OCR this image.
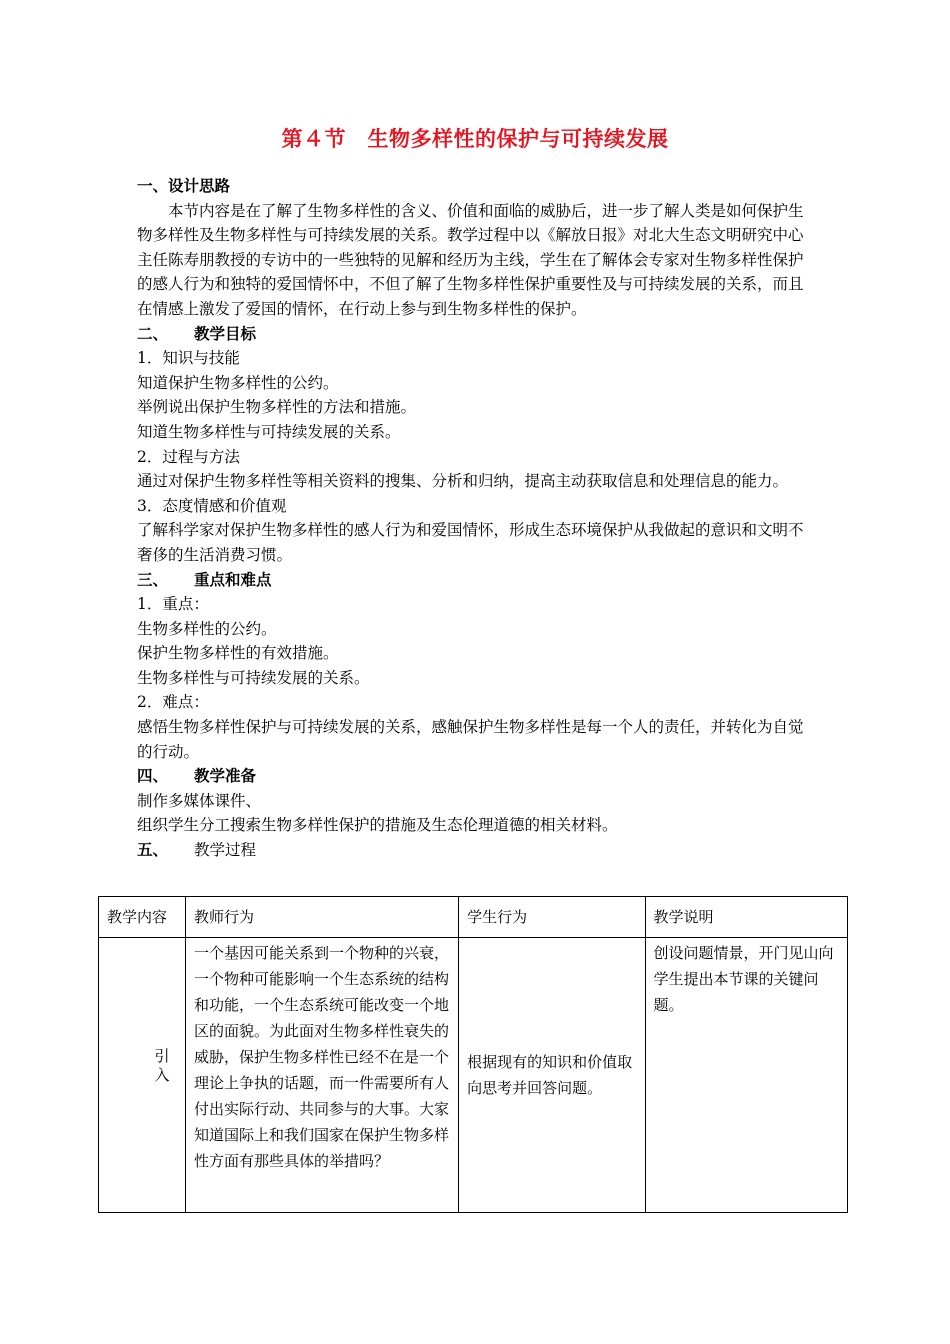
第４节　生物多样性的保护与可持续发展

一、设计思路

本节内容是在了解了生物多样性的含义、价值和面临的威胁后，进一步了解人类是如何保护生物多样性及生物多样性与可持续发展的关系。教学过程中以《解放日报》对北大生态文明研究中心主任陈寿朋教授的专访中的一些独特的见解和经历为主线，学生在了解体会专家对生物多样性保护的感人行为和独特的爱国情怀中，不但了解了生物多样性保护重要性及与可持续发展的关系，而且在情感上激发了爱国的情怀，在行动上参与到生物多样性的保护。

二、 教学目标

1．知识与技能

知道保护生物多样性的公约。

举例说出保护生物多样性的方法和措施。

知道生物多样性与可持续发展的关系。

2．过程与方法

通过对保护生物多样性等相关资料的搜集、分析和归纳，提高主动获取信息和处理信息的能力。

3．态度情感和价值观

了解科学家对保护生物多样性的感人行为和爱国情怀，形成生态环境保护从我做起的意识和文明不奢侈的生活消费习惯。

三、 重点和难点

1．重点：

生物多样性的公约。

保护生物多样性的有效措施。

生物多样性与可持续发展的关系。

2．难点：

感悟生物多样性保护与可持续发展的关系，感触保护生物多样性是每一个人的责任，并转化为自觉的行动。

四、 教学准备

制作多媒体课件、

组织学生分工搜索生物多样性保护的措施及生态伦理道德的相关材料。

五、 教学过程

教学内容	教师行为	学生行为	教学说明
引入	一个基因可能关系到一个物种的兴衰，一个物种可能影响一个生态系统的结构和功能，一个生态系统可能改变一个地区的面貌。为此面对生物多样性衰失的威胁，保护生物多样性已经不在是一个理论上争执的话题，而一件需要所有人付出实际行动、共同参与的大事。大家知道国际上和我们国家在保护生物多样性方面有那些具体的举措吗？	根据现有的知识和价值取向思考并回答问题。	创设问题情景，开门见山向学生提出本节课的关键问题。
